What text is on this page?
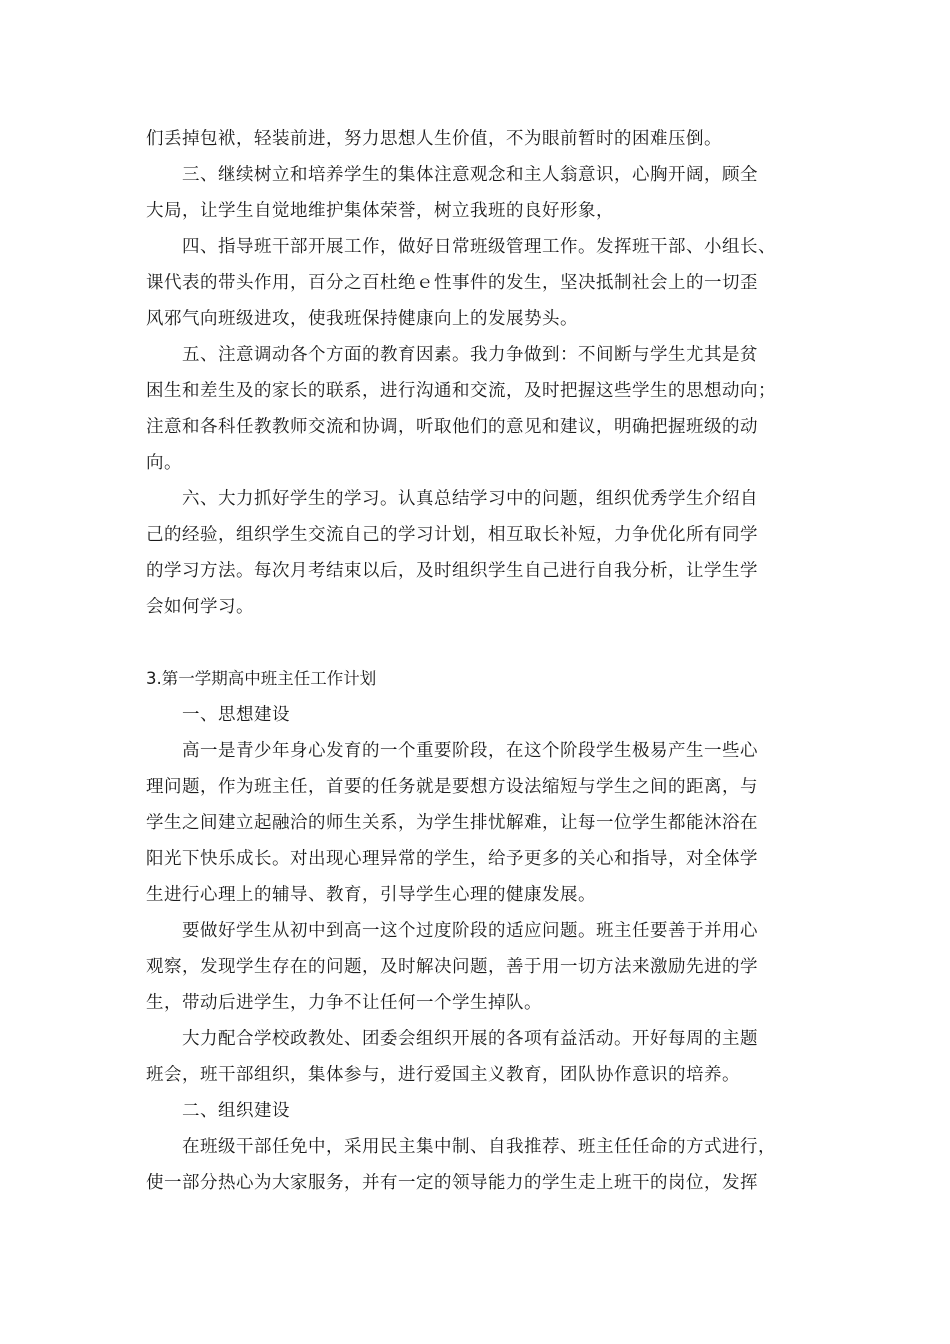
们丢掉包袱，轻装前进，努力思想人生价值，不为眼前暂时的困难压倒。
三、继续树立和培养学生的集体注意观念和主人翁意识，心胸开阔，顾全
大局，让学生自觉地维护集体荣誉，树立我班的良好形象，
四、指导班干部开展工作，做好日常班级管理工作。发挥班干部、小组长、
课代表的带头作用，百分之百杜绝ｅ性事件的发生，坚决抵制社会上的一切歪
风邪气向班级进攻，使我班保持健康向上的发展势头。
五、注意调动各个方面的教育因素。我力争做到：不间断与学生尤其是贫
困生和差生及的家长的联系，进行沟通和交流，及时把握这些学生的思想动向；
注意和各科任教教师交流和协调，听取他们的意见和建议，明确把握班级的动
向。
六、大力抓好学生的学习。认真总结学习中的问题，组织优秀学生介绍自
己的经验，组织学生交流自己的学习计划，相互取长补短，力争优化所有同学
的学习方法。每次月考结束以后，及时组织学生自己进行自我分析，让学生学
会如何学习。
3.第一学期高中班主任工作计划
一、思想建设
高一是青少年身心发育的一个重要阶段，在这个阶段学生极易产生一些心
理问题，作为班主任，首要的任务就是要想方设法缩短与学生之间的距离，与
学生之间建立起融洽的师生关系，为学生排忧解难，让每一位学生都能沐浴在
阳光下快乐成长。对出现心理异常的学生，给予更多的关心和指导，对全体学
生进行心理上的辅导、教育，引导学生心理的健康发展。
要做好学生从初中到高一这个过度阶段的适应问题。班主任要善于并用心
观察，发现学生存在的问题，及时解决问题，善于用一切方法来激励先进的学
生，带动后进学生，力争不让任何一个学生掉队。
大力配合学校政教处、团委会组织开展的各项有益活动。开好每周的主题
班会，班干部组织，集体参与，进行爱国主义教育，团队协作意识的培养。
二、组织建设
在班级干部任免中，采用民主集中制、自我推荐、班主任任命的方式进行，
使一部分热心为大家服务，并有一定的领导能力的学生走上班干的岗位，发挥
